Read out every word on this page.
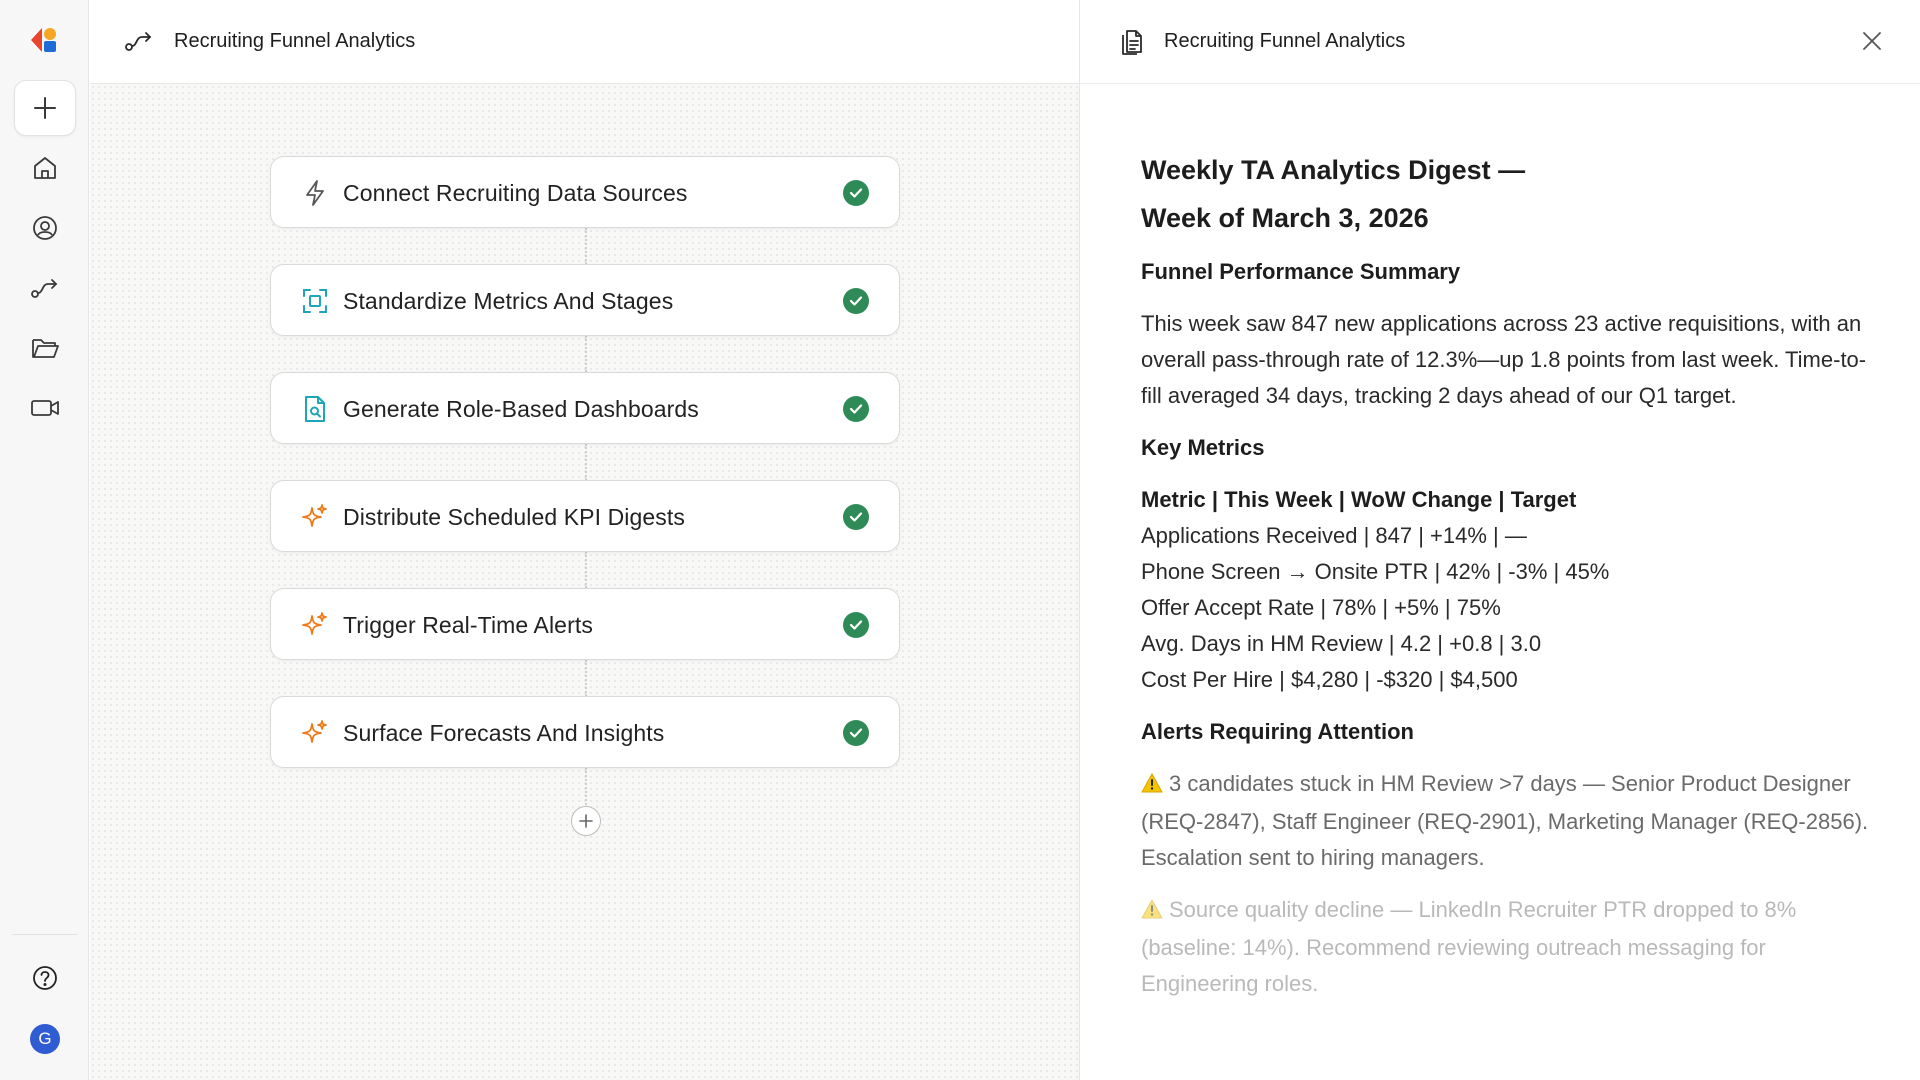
G
Recruiting Funnel Analytics
Connect Recruiting Data Sources
Standardize Metrics And Stages
Generate Role-Based Dashboards
Distribute Scheduled KPI Digests
Trigger Real-Time Alerts
Surface Forecasts And Insights
Recruiting Funnel Analytics
Weekly TA Analytics Digest —
Week of March 3, 2026
Funnel Performance Summary
This week saw 847 new applications across 23 active requisitions, with an overall pass-through rate of 12.3%—up 1.8 points from last week. Time-to-fill averaged 34 days, tracking 2 days ahead of our Q1 target.
Key Metrics
Metric | This Week | WoW Change | Target
Applications Received | 847 | +14% | —
Phone Screen → Onsite PTR | 42% | -3% | 45%
Offer Accept Rate | 78% | +5% | 75%
Avg. Days in HM Review | 4.2 | +0.8 | 3.0
Cost Per Hire | $4,280 | -$320 | $4,500
Alerts Requiring Attention
3 candidates stuck in HM Review >7 days — Senior Product Designer (REQ-2847), Staff Engineer (REQ-2901), Marketing Manager (REQ-2856). Escalation sent to hiring managers.
Source quality decline — LinkedIn Recruiter PTR dropped to 8% (baseline: 14%). Recommend reviewing outreach messaging for Engineering roles.
